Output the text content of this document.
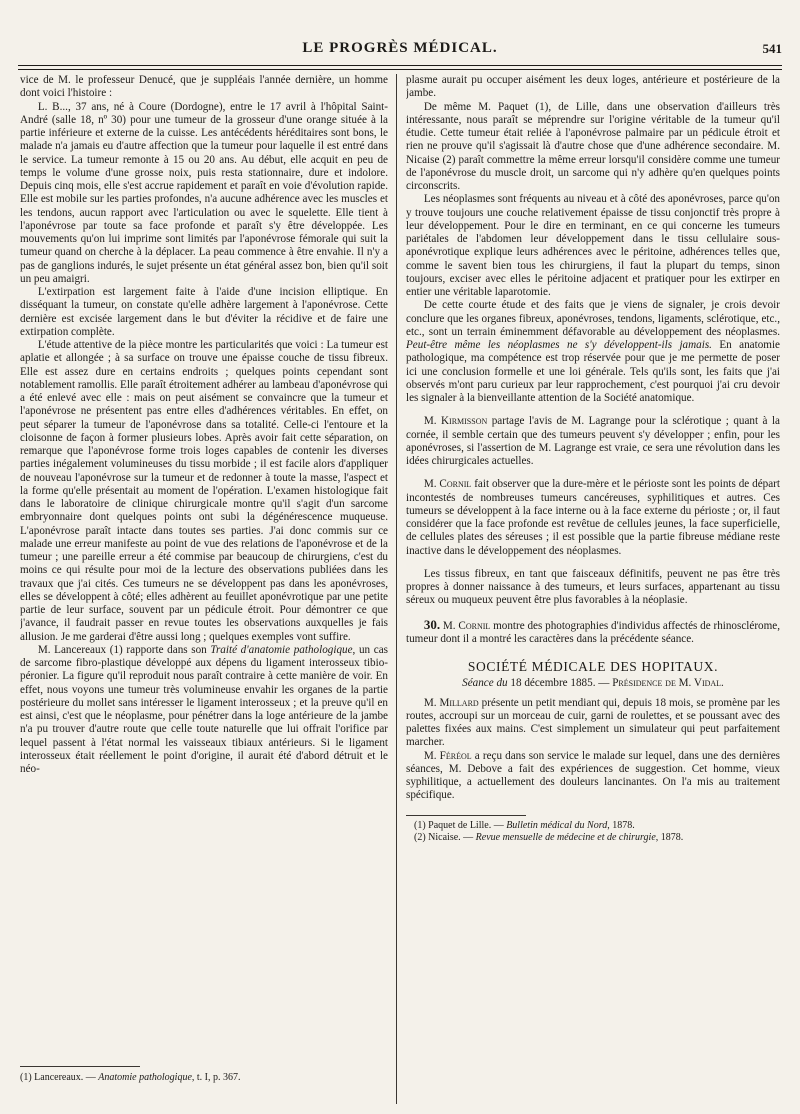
LE PROGRÈS MÉDICAL.	541

vice de M. le professeur Denucé, que je suppléais l'année dernière, un homme dont voici l'histoire :

L. B..., 37 ans, né à Coure (Dordogne), entre le 17 avril à l'hôpital Saint-André (salle 18, nº 30) pour une tumeur de la grosseur d'une orange située à la partie inférieure et externe de la cuisse. Les antécédents héréditaires sont bons, le malade n'a jamais eu d'autre affection que la tumeur pour laquelle il est entré dans le service. La tumeur remonte à 15 ou 20 ans. Au début, elle acquit en peu de temps le volume d'une grosse noix, puis resta stationnaire, dure et indolore. Depuis cinq mois, elle s'est accrue rapidement et paraît en voie d'évolution rapide. Elle est mobile sur les parties profondes, n'a aucune adhérence avec les muscles et les tendons, aucun rapport avec l'articulation ou avec le squelette. Elle tient à l'aponévrose par toute sa face profonde et paraît s'y être développée. Les mouvements qu'on lui imprime sont limités par l'aponévrose fémorale qui suit la tumeur quand on cherche à la déplacer. La peau commence à être envahie. Il n'y a pas de ganglions indurés, le sujet présente un état général assez bon, bien qu'il soit un peu amaigri.

L'extirpation est largement faite à l'aide d'une incision elliptique. En disséquant la tumeur, on constate qu'elle adhère largement à l'aponévrose. Cette dernière est excisée largement dans le but d'éviter la récidive et de faire une extirpation complète.

L'étude attentive de la pièce montre les particularités que voici : La tumeur est aplatie et allongée ; à sa surface on trouve une épaisse couche de tissu fibreux. Elle est assez dure en certains endroits ; quelques points cependant sont notablement ramollis. Elle paraît étroitement adhérer au lambeau d'aponévrose qui a été enlevé avec elle : mais on peut aisément se convaincre que la tumeur et l'aponévrose ne présentent pas entre elles d'adhérences véritables. En effet, on peut séparer la tumeur de l'aponévrose dans sa totalité. Celle-ci l'entoure et la cloisonne de façon à former plusieurs lobes. Après avoir fait cette séparation, on remarque que l'aponévrose forme trois loges capables de contenir les diverses parties inégalement volumineuses du tissu morbide ; il est facile alors d'appliquer de nouveau l'aponévrose sur la tumeur et de redonner à toute la masse, l'aspect et la forme qu'elle présentait au moment de l'opération. L'examen histologique fait dans le laboratoire de clinique chirurgicale montre qu'il s'agit d'un sarcome embryonnaire dont quelques points ont subi la dégénérescence muqueuse. L'aponévrose paraît intacte dans toutes ses parties. J'ai donc commis sur ce malade une erreur manifeste au point de vue des relations de l'aponévrose et de la tumeur ; une pareille erreur a été commise par beaucoup de chirurgiens, c'est du moins ce qui résulte pour moi de la lecture des observations publiées dans les travaux que j'ai cités. Ces tumeurs ne se développent pas dans les aponévroses, elles se développent à côté; elles adhèrent au feuillet aponévrotique par une petite partie de leur surface, souvent par un pédicule étroit. Pour démontrer ce que j'avance, il faudrait passer en revue toutes les observations auxquelles je fais allusion. Je me garderai d'être aussi long ; quelques exemples vont suffire.

M. Lancereaux (1) rapporte dans son Traité d'anatomie pathologique, un cas de sarcome fibro-plastique développé aux dépens du ligament interosseux tibio-péronier. La figure qu'il reproduit nous paraît contraire à cette manière de voir. En effet, nous voyons une tumeur très volumineuse envahir les organes de la partie postérieure du mollet sans intéresser le ligament interosseux ; et la preuve qu'il en est ainsi, c'est que le néoplasme, pour pénétrer dans la loge antérieure de la jambe n'a pu trouver d'autre route que celle toute naturelle que lui offrait l'orifice par lequel passent à l'état normal les vaisseaux tibiaux antérieurs. Si le ligament interosseux était réellement le point d'origine, il aurait été d'abord détruit et le néo-

(1) Lancereaux. — Anatomie pathologique, t. I, p. 367.

plasme aurait pu occuper aisément les deux loges, antérieure et postérieure de la jambe.

De même M. Paquet (1), de Lille, dans une observation d'ailleurs très intéressante, nous paraît se méprendre sur l'origine véritable de la tumeur qu'il étudie. Cette tumeur était reliée à l'aponévrose palmaire par un pédicule étroit et rien ne prouve qu'il s'agissait là d'autre chose que d'une adhérence secondaire. M. Nicaise (2) paraît commettre la même erreur lorsqu'il considère comme une tumeur de l'aponévrose du muscle droit, un sarcome qui n'y adhère qu'en quelques points circonscrits.

Les néoplasmes sont fréquents au niveau et à côté des aponévroses, parce qu'on y trouve toujours une couche relativement épaisse de tissu conjonctif très propre à leur développement. Pour le dire en terminant, en ce qui concerne les tumeurs pariétales de l'abdomen leur développement dans le tissu cellulaire sous-aponévrotique explique leurs adhérences avec le péritoine, adhérences telles que, comme le savent bien tous les chirurgiens, il faut la plupart du temps, sinon toujours, exciser avec elles le péritoine adjacent et pratiquer pour les extirper en entier une véritable laparotomie.

De cette courte étude et des faits que je viens de signaler, je crois devoir conclure que les organes fibreux, aponévroses, tendons, ligaments, sclérotique, etc., etc., sont un terrain éminemment défavorable au développement des néoplasmes. Peut-être même les néoplasmes ne s'y développent-ils jamais. En anatomie pathologique, ma compétence est trop réservée pour que je me permette de poser ici une conclusion formelle et une loi générale. Tels qu'ils sont, les faits que j'ai observés m'ont paru curieux par leur rapprochement, c'est pourquoi j'ai cru devoir les signaler à la bienveillante attention de la Société anatomique.

M. Kirmisson partage l'avis de M. Lagrange pour la sclérotique ; quant à la cornée, il semble certain que des tumeurs peuvent s'y développer ; enfin, pour les aponévroses, si l'assertion de M. Lagrange est vraie, ce sera une révolution dans les idées chirurgicales actuelles.

M. Cornil fait observer que la dure-mère et le périoste sont les points de départ incontestés de nombreuses tumeurs cancéreuses, syphilitiques et autres. Ces tumeurs se développent à la face interne ou à la face externe du périoste ; or, il faut considérer que la face profonde est revêtue de cellules jeunes, la face superficielle, de cellules plates des séreuses ; il est possible que la partie fibreuse médiane reste inactive dans le développement des néoplasmes.

Les tissus fibreux, en tant que faisceaux définitifs, peuvent ne pas être très propres à donner naissance à des tumeurs, et leurs surfaces, appartenant au tissu séreux ou muqueux peuvent être plus favorables à la néoplasie.

30. M. Cornil montre des photographies d'individus affectés de rhinosclérome, tumeur dont il a montré les caractères dans la précédente séance.

SOCIÉTÉ MÉDICALE DES HOPITAUX.
Séance du 18 décembre 1885. — Présidence de M. Vidal.

M. Millard présente un petit mendiant qui, depuis 18 mois, se promène par les routes, accroupi sur un morceau de cuir, garni de roulettes, et se poussant avec des palettes fixées aux mains. C'est simplement un simulateur qui peut parfaitement marcher.

M. Féréol a reçu dans son service le malade sur lequel, dans une des dernières séances, M. Debove a fait des expériences de suggestion. Cet homme, vieux syphilitique, a actuellement des douleurs lancinantes. On l'a mis au traitement spécifique.

(1) Paquet de Lille. — Bulletin médical du Nord, 1878.

(2) Nicaise. — Revue mensuelle de médecine et de chirurgie, 1878.
